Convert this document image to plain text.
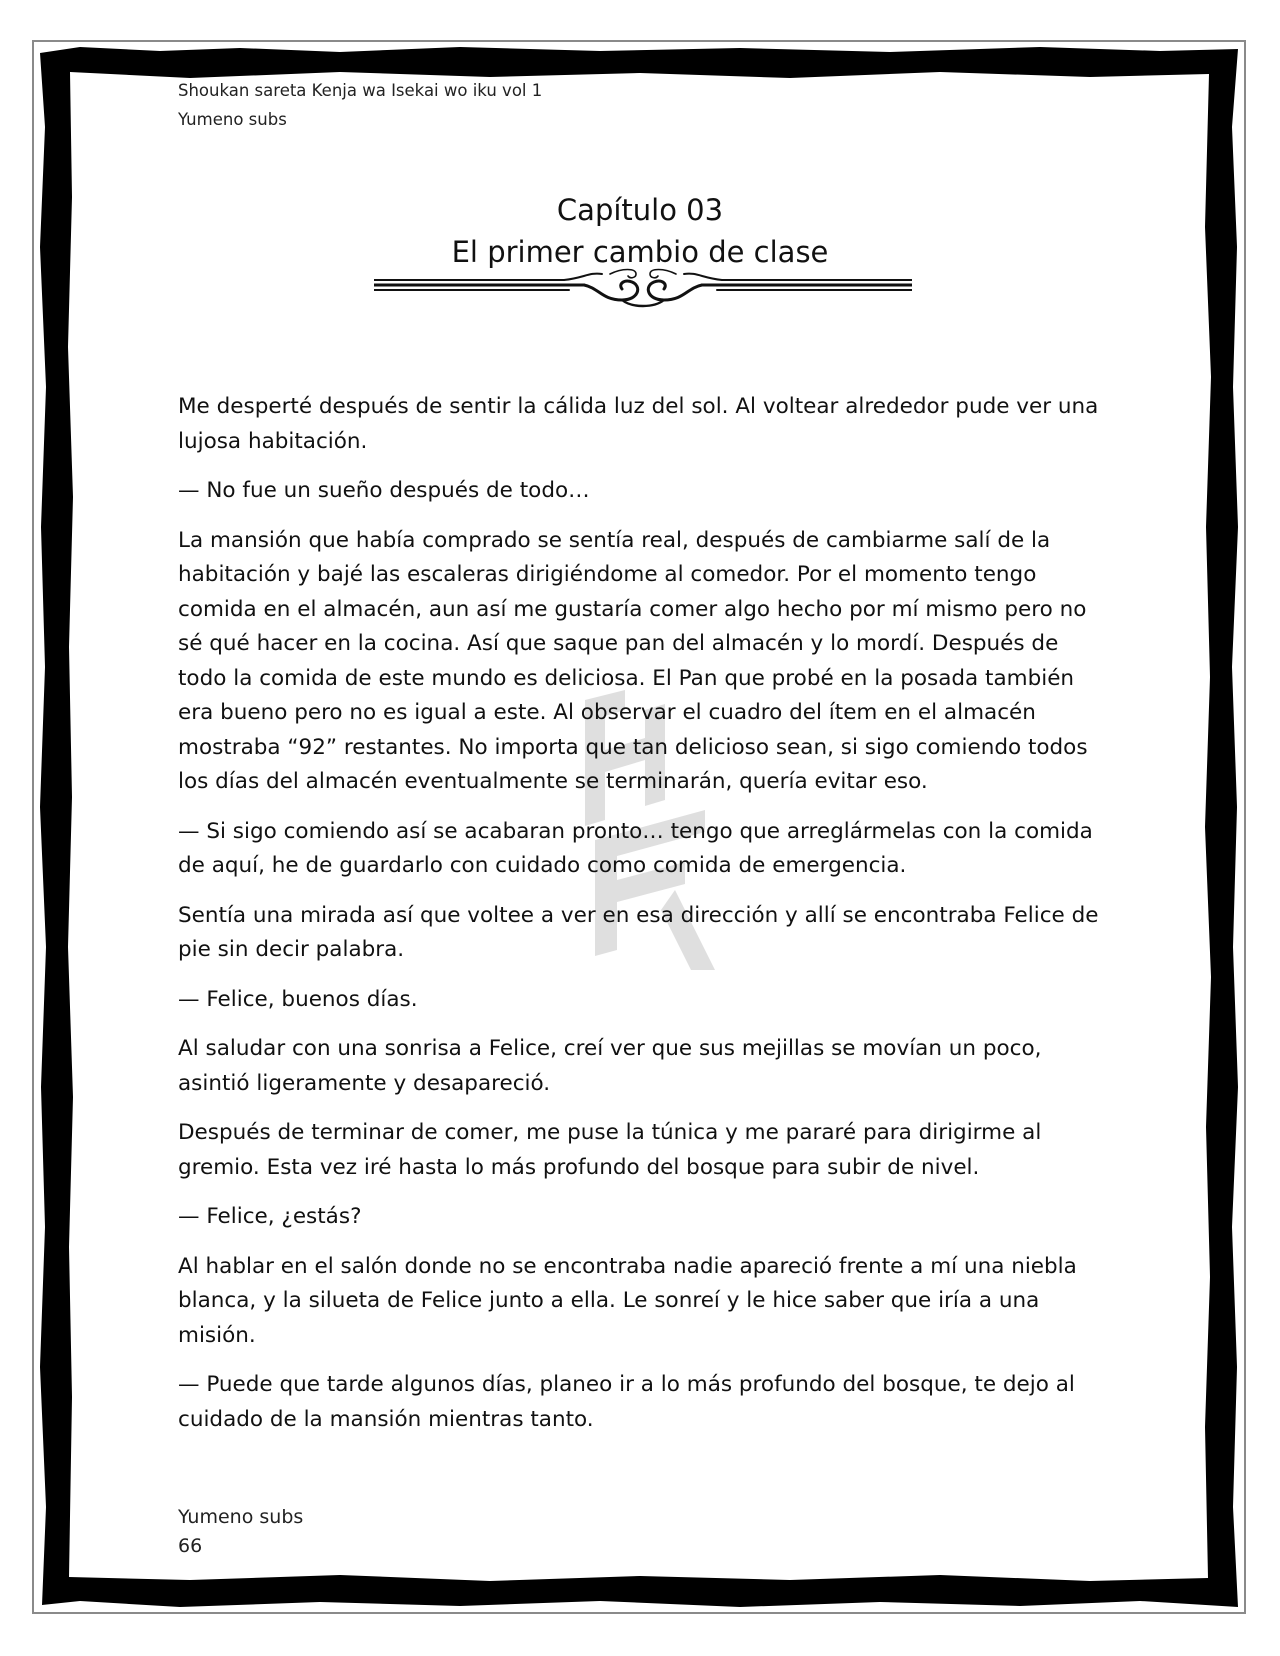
Shoukan sareta Kenja wa Isekai wo iku vol 1
Yumeno subs
Capítulo 03
El primer cambio de clase

Me desperté después de sentir la cálida luz del sol. Al voltear alrededor pude ver una lujosa habitación.

— No fue un sueño después de todo…

La mansión que había comprado se sentía real, después de cambiarme salí de la habitación y bajé las escaleras dirigiéndome al comedor. Por el momento tengo comida en el almacén, aun así me gustaría comer algo hecho por mí mismo pero no sé qué hacer en la cocina. Así que saque pan del almacén y lo mordí. Después de todo la comida de este mundo es deliciosa. El Pan que probé en la posada también era bueno pero no es igual a este. Al observar el cuadro del ítem en el almacén mostraba “92” restantes. No importa que tan delicioso sean, si sigo comiendo todos los días del almacén eventualmente se terminarán, quería evitar eso.

— Si sigo comiendo así se acabaran pronto… tengo que arreglármelas con la comida de aquí, he de guardarlo con cuidado como comida de emergencia.

Sentía una mirada así que voltee a ver en esa dirección y allí se encontraba Felice de pie sin decir palabra.

— Felice, buenos días.

Al saludar con una sonrisa a Felice, creí ver que sus mejillas se movían un poco, asintió ligeramente y desapareció.

Después de terminar de comer, me puse la túnica y me pararé para dirigirme al gremio. Esta vez iré hasta lo más profundo del bosque para subir de nivel.

— Felice, ¿estás?

Al hablar en el salón donde no se encontraba nadie apareció frente a mí una niebla blanca, y la silueta de Felice junto a ella. Le sonreí y le hice saber que iría a una misión.

— Puede que tarde algunos días, planeo ir a lo más profundo del bosque, te dejo al cuidado de la mansión mientras tanto.

Yumeno subs
66
